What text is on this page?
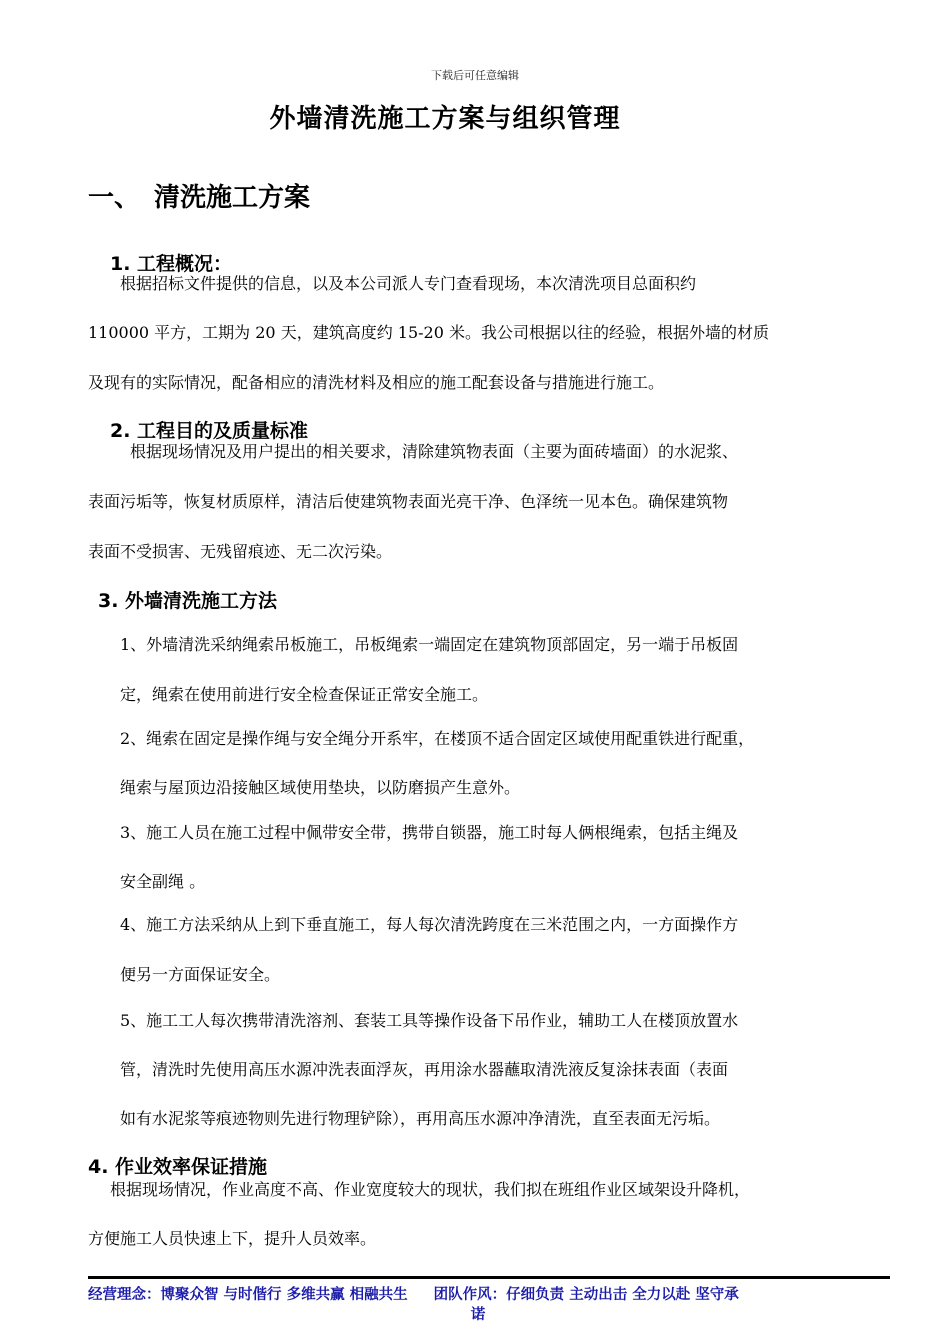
下载后可任意编辑
外墙清洗施工方案与组织管理
一、 清洗施工方案
1. 工程概况：
根据招标文件提供的信息，以及本公司派人专门查看现场，本次清洗项目总面积约
110000 平方，工期为 20 天，建筑高度约 15-20 米。我公司根据以往的经验，根据外墙的材质
及现有的实际情况，配备相应的清洗材料及相应的施工配套设备与措施进行施工。
2. 工程目的及质量标准
根据现场情况及用户提出的相关要求，清除建筑物表面（主要为面砖墙面）的水泥浆、
表面污垢等，恢复材质原样，清洁后使建筑物表面光亮干净、色泽统一见本色。确保建筑物
表面不受损害、无残留痕迹、无二次污染。
3. 外墙清洗施工方法
1、外墙清洗采纳绳索吊板施工，吊板绳索一端固定在建筑物顶部固定，另一端于吊板固
定，绳索在使用前进行安全检查保证正常安全施工。
2、绳索在固定是操作绳与安全绳分开系牢，在楼顶不适合固定区域使用配重铁进行配重，
绳索与屋顶边沿接触区域使用垫块，以防磨损产生意外。
3、施工人员在施工过程中佩带安全带，携带自锁器，施工时每人俩根绳索，包括主绳及
安全副绳 。
4、施工方法采纳从上到下垂直施工，每人每次清洗跨度在三米范围之内，一方面操作方
便另一方面保证安全。
5、施工工人每次携带清洗溶剂、套装工具等操作设备下吊作业，辅助工人在楼顶放置水
管，清洗时先使用高压水源冲洗表面浮灰，再用涂水器蘸取清洗液反复涂抹表面（表面
如有水泥浆等痕迹物则先进行物理铲除），再用高压水源冲净清洗，直至表面无污垢。
4. 作业效率保证措施
根据现场情况，作业高度不高、作业宽度较大的现状，我们拟在班组作业区域架设升降机，
方便施工人员快速上下，提升人员效率。
经营理念：博聚众智 与时偕行 多维共赢 相融共生 团队作风：仔细负责 主动出击 全力以赴 坚守承
诺
